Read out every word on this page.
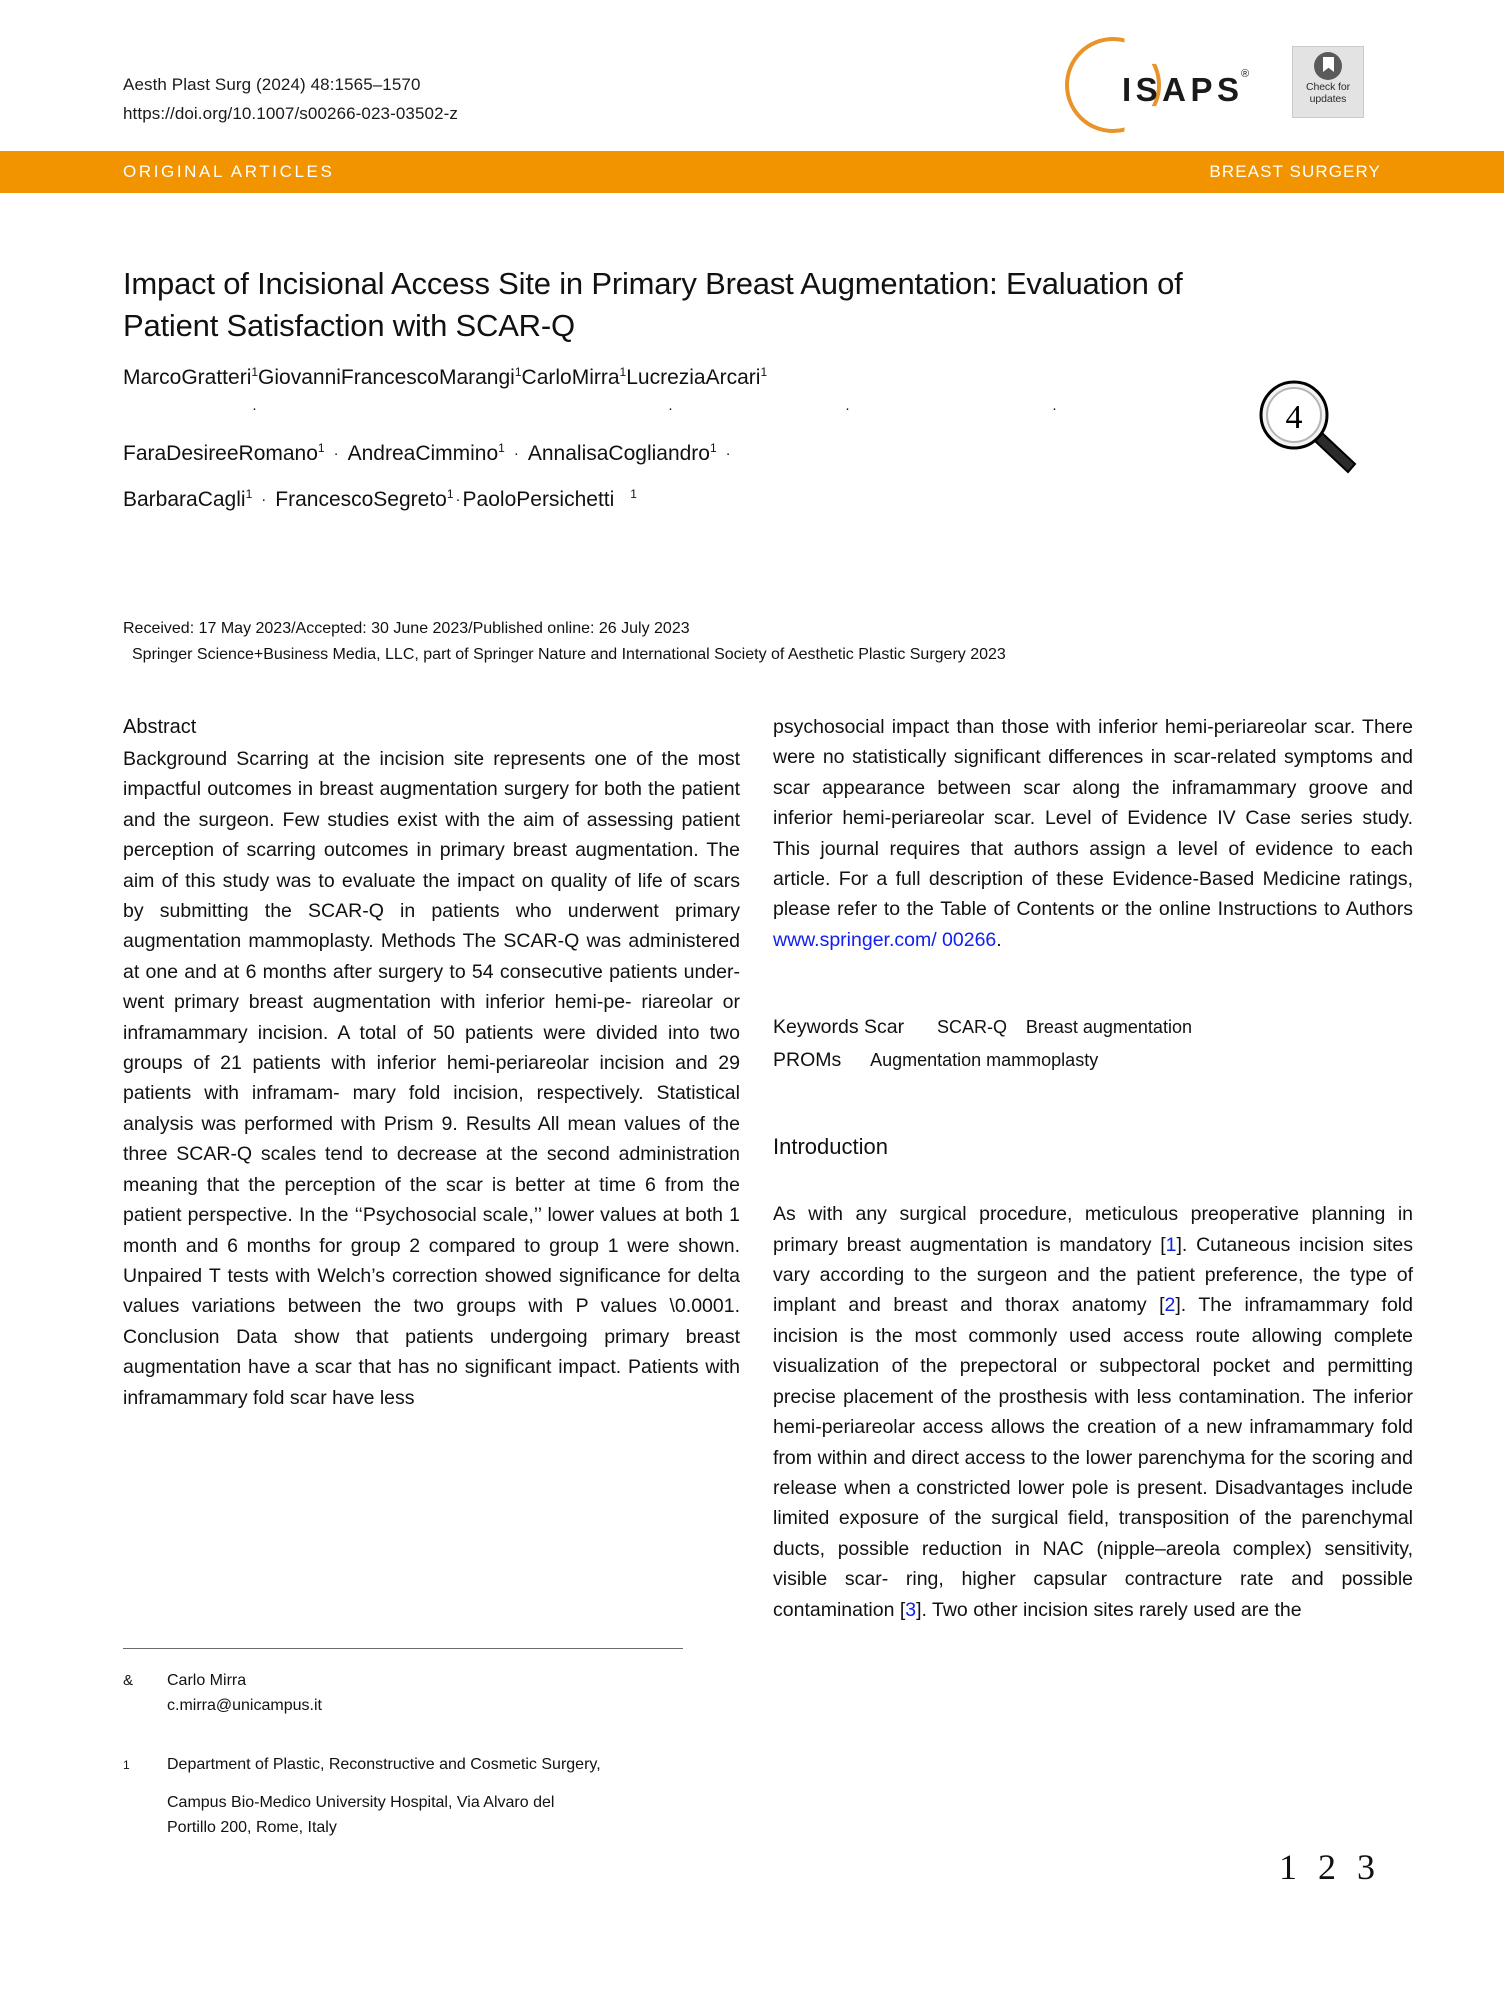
Aesth Plast Surg (2024) 48:1565–1570
https://doi.org/10.1007/s00266-023-03502-z
ISAPS
®
Check for
updates
ORIGINAL ARTICLES	BREAST SURGERY
Impact of Incisional Access Site in Primary Breast Augmentation: Evaluation of Patient Satisfaction with SCAR-Q
MarcoGratteri$^1$GiovanniFrancescoMarangi$^1$CarloMirra$^1$LucreziaArcari$^1$
FaraDesireeRomano$^1$ · AndreaCimmino$^1$ · AnnalisaCogliandro$^1$ ·
BarbaraCagli$^1$ · FrancescoSegreto$^1$ ·PaoloPersichetti $^1$
·	·	·	·	4
Received: 17 May 2023/Accepted: 30 June 2023/Published online: 26 July 2023
Springer Science+Business Media, LLC, part of Springer Nature and International Society of Aesthetic Plastic Surgery 2023
Abstract
Background Scarring at the incision site represents one of the most impactful outcomes in breast augmentation surgery for both the patient and the surgeon. Few studies exist with the aim of assessing patient perception of scarring outcomes in primary breast augmentation. The aim of this study was to evaluate the impact on quality of life of scars by submitting the SCAR-Q in patients who underwent primary augmentation mammoplasty. Methods The SCAR-Q was administered at one and at 6 months after surgery to 54 consecutive patients under- went primary breast augmentation with inferior hemi-pe- riareolar or inframammary incision. A total of 50 patients were divided into two groups of 21 patients with inferior hemi-periareolar incision and 29 patients with inframam- mary fold incision, respectively. Statistical analysis was performed with Prism 9. Results All mean values of the three SCAR-Q scales tend to decrease at the second administration meaning that the perception of the scar is better at time 6 from the patient perspective. In the ‘‘Psychosocial scale,’’ lower values at both 1 month and 6 months for group 2 compared to group 1 were shown. Unpaired T tests with Welch’s correction showed significance for delta values variations between the two groups with P values \0.0001. Conclusion Data show that patients undergoing primary breast augmentation have a scar that has no significant impact. Patients with inframammary fold scar have less
psychosocial impact than those with inferior hemi-periareolar scar. There were no statistically significant differences in scar-related symptoms and scar appearance between scar along the inframammary groove and inferior hemi-periareolar scar. Level of Evidence IV Case series study. This journal requires that authors assign a level of evidence to each article. For a full description of these Evidence-Based Medicine ratings, please refer to the Table of Contents or the online Instructions to Authors www.springer.com/ 00266.
Keywords Scar SCAR-Q Breast augmentation
PROMs Augmentation mammoplasty
Introduction
As with any surgical procedure, meticulous preoperative planning in primary breast augmentation is mandatory [1]. Cutaneous incision sites vary according to the surgeon and the patient preference, the type of implant and breast and thorax anatomy [2]. The inframammary fold incision is the most commonly used access route allowing complete visualization of the prepectoral or subpectoral pocket and permitting precise placement of the prosthesis with less contamination. The inferior hemi-periareolar access allows the creation of a new inframammary fold from within and direct access to the lower parenchyma for the scoring and release when a constricted lower pole is present. Disadvantages include limited exposure of the surgical field, transposition of the parenchymal ducts, possible reduction in NAC (nipple–areola complex) sensitivity, visible scar- ring, higher capsular contracture rate and possible contamination [3]. Two other incision sites rarely used are the
& Carlo Mirra
c.mirra@unicampus.it
1 Department of Plastic, Reconstructive and Cosmetic Surgery,
Campus Bio-Medico University Hospital, Via Alvaro del
Portillo 200, Rome, Italy
1 2 3
